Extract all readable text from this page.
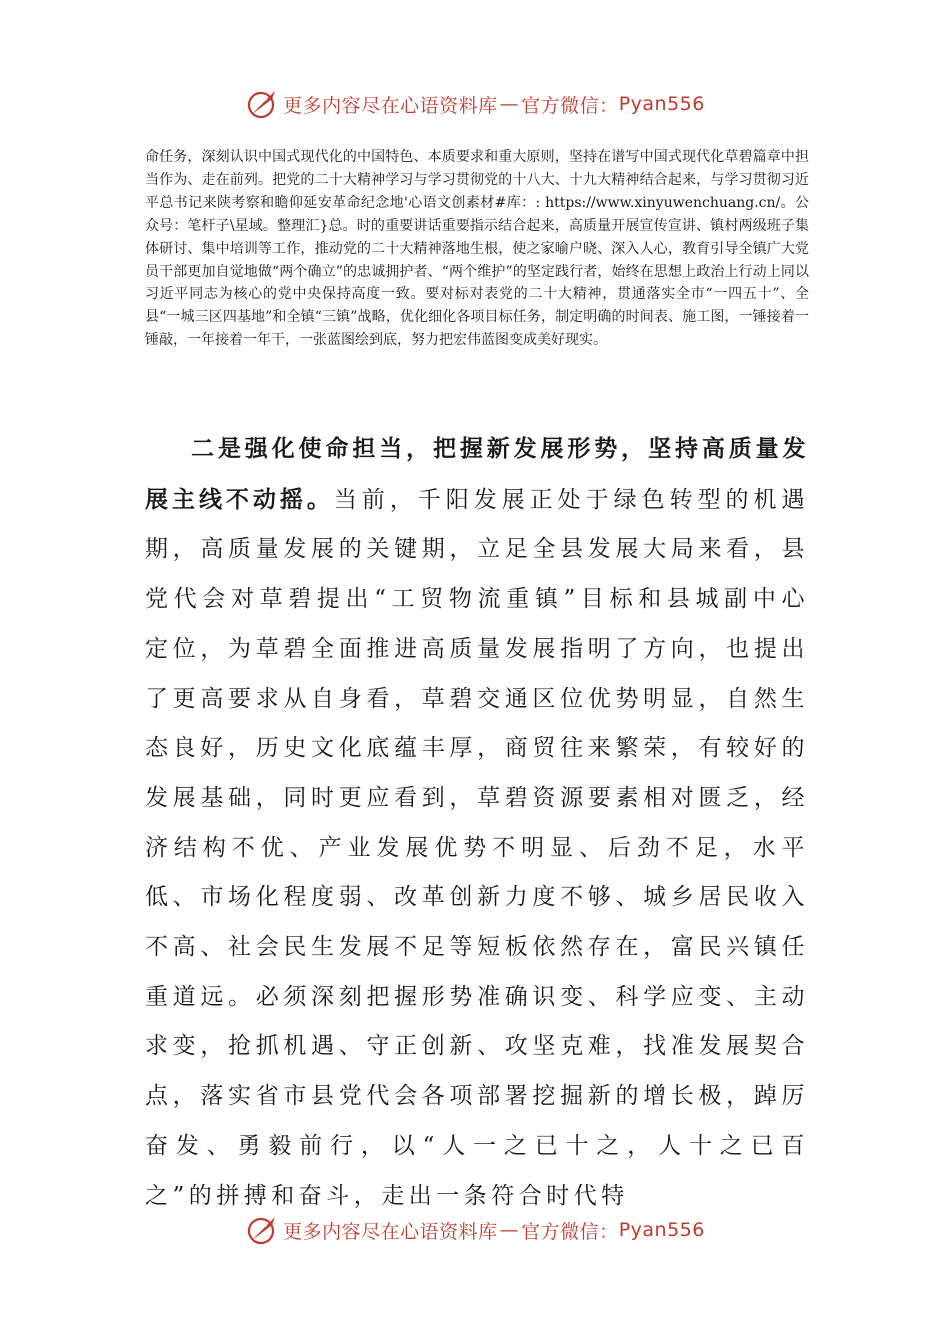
更多内容尽在心语资料库 — 官方微信： Pyan556

命任务，深刻认识中国式现代化的中国特色、本质要求和重大原则，坚持在谱写中国式现代化草碧篇章中担当作为、走在前列。把党的二十大精神学习与学习贯彻党的十八大、十九大精神结合起来，与学习贯彻习近平总书记来陕考察和瞻仰延安革命纪念地'心语文创素材#库：: https://www.xinyuwenchuang.cn/。公众号：笔杆子\星域。整理汇}总。时的重要讲话重要指示结合起来，高质量开展宣传宣讲、镇村两级班子集体研讨、集中培训等工作，推动党的二十大精神落地生根，使之家喻户晓、深入人心，教育引导全镇广大党员干部更加自觉地做“两个确立”的忠诚拥护者、“两个维护”的坚定践行者，始终在思想上政治上行动上同以习近平同志为核心的党中央保持高度一致。要对标对表党的二十大精神，贯通落实全市“一四五十”、全县“一城三区四基地”和全镇“三镇”战略，优化细化各项目标任务，制定明确的时间表、施工图，一锤接着一锤敲，一年接着一年干，一张蓝图绘到底，努力把宏伟蓝图变成美好现实。

二是强化使命担当，把握新发展形势，坚持高质量发展主线不动摇。当前，千阳发展正处于绿色转型的机遇期，高质量发展的关键期，立足全县发展大局来看，县党代会对草碧提出“工贸物流重镇”目标和县城副中心定位，为草碧全面推进高质量发展指明了方向，也提出了更高要求从自身看，草碧交通区位优势明显，自然生态良好，历史文化底蕴丰厚，商贸往来繁荣，有较好的发展基础，同时更应看到，草碧资源要素相对匮乏，经济结构不优、产业发展优势不明显、后劲不足，水平低、市场化程度弱、改革创新力度不够、城乡居民收入不高、社会民生发展不足等短板依然存在，富民兴镇任重道远。必须深刻把握形势准确识变、科学应变、主动求变，抢抓机遇、守正创新、攻坚克难，找准发展契合点，落实省市县党代会各项部署挖掘新的增长极，踔厉奋发、勇毅前行，以“人一之已十之，人十之已百之”的拼搏和奋斗，走出一条符合时代特

更多内容尽在心语资料库 — 官方微信： Pyan556
